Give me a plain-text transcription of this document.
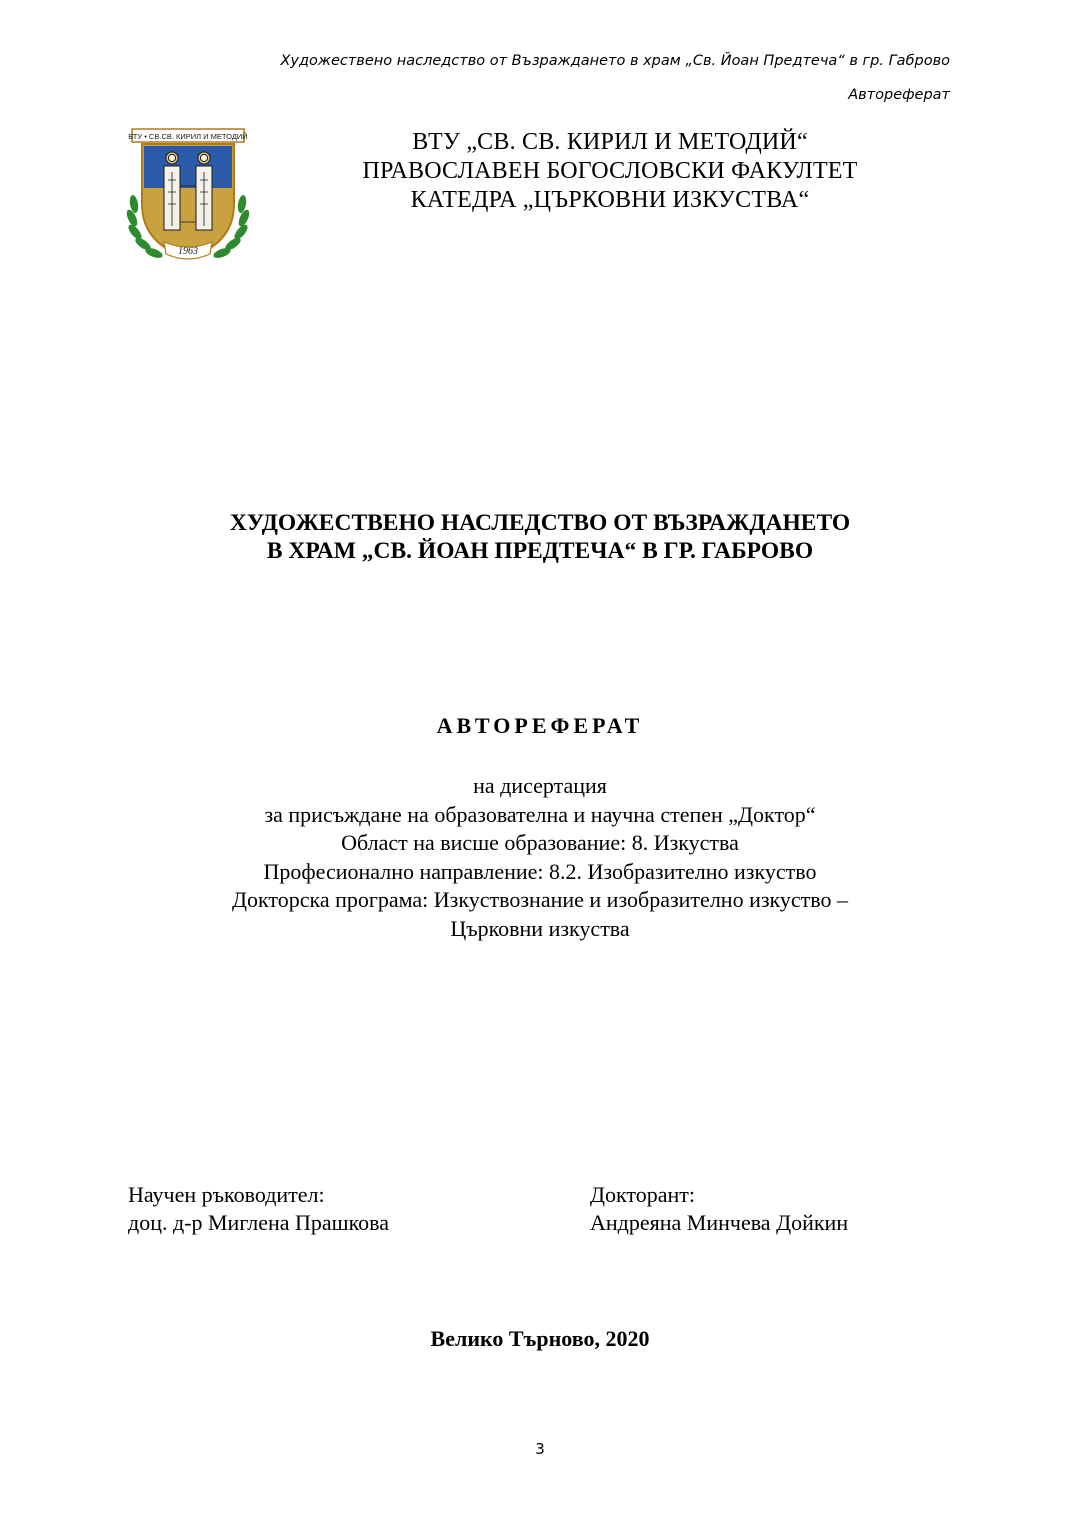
Художествено наследство от Възраждането в храм „Св. Йоан Предтеча“ в гр. Габрово
Автореферат
ВТУ • СВ.СВ. КИРИЛ И МЕТОДИЙ
1963
ВТУ „СВ. СВ. КИРИЛ И МЕТОДИЙ“
ПРАВОСЛАВЕН БОГОСЛОВСКИ ФАКУЛТЕТ
КАТЕДРА „ЦЪРКОВНИ ИЗКУСТВА“
ХУДОЖЕСТВЕНО НАСЛЕДСТВО ОТ ВЪЗРАЖДАНЕТО
В ХРАМ „СВ. ЙОАН ПРЕДТЕЧА“ В ГР. ГАБРОВО
АВТОРЕФЕРАТ
на дисертация
за присъждане на образователна и научна степен „Доктор“
Област на висше образование: 8. Изкуства
Професионално направление: 8.2. Изобразително изкуство
Докторска програма: Изкуствознание и изобразително изкуство –
Църковни изкуства
Научен ръководител:
доц. д-р Миглена Прашкова
Докторант:
Андреяна Минчева Дойкин
Велико Търново, 2020
3
